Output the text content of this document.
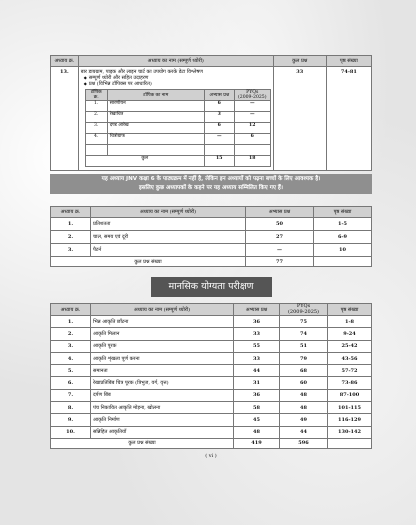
अध्याय क्र.	अध्याय का नाम (सम्पूर्ण थ्योरी)	कुल प्रश्न	पृष्ठ संख्या
13.	बार डायग्राम, पाइक और लाइन चार्ट का उपयोग करके डेटा विश्लेषण
◆ सम्पूर्ण थ्योरी और सहित उदाहरण
◆ प्रश्न (विभिन्न टॉपिक्स पर आधारित)
टॉपिक क्र.	टॉपिक का नाम	अभ्यास प्रश्न	PYQs
(2009-2025)
1.	सारणीयन	6	—
2.	रेखाचित्र	3	—
3.	दण्ड आरेख	6	12
4.	चित्रोग्राफ	—	6

कुल	15	18
	33	74-81
यह अध्याय JNV कक्षा 6 के पाठ्यक्रम में नहीं है, लेकिन इन अध्यायों को पढ़ना बच्चों के लिए आवश्यक है।
इसलिए कुछ अध्यापकों के कहने पर यह अध्याय सम्मिलित किए गए हैं।
अध्याय क्र.	अध्याय का नाम (सम्पूर्ण थ्योरी)	अभ्यास प्रश्न	पृष्ठ संख्या
1.	प्रतिशतता	50	1-5
2.	चाल, समय एवं दूरी	27	6-9
3.	पैटर्न	—	10
कुल प्रश्न संख्या		77	
मानसिक योग्यता परीक्षण
अध्याय क्र.	अध्याय का नाम (सम्पूर्ण थ्योरी)	अभ्यास प्रश्न	PYQs
(2009-2025)	पृष्ठ संख्या
1.	भिन्न आकृति छाँटना	36	75	1-8
2.	आकृति मिलान	33	74	9-24
3.	आकृति पूरक	55	51	25-42
4.	आकृति शृंखला पूर्ण करना	33	79	43-56
5.	समानता	44	68	57-72
6.	रेखाप्रतिबिंब चित्र पूरक (त्रिभुज, वर्ग, वृत्त)	31	60	73-86
7.	दर्पण बिंब	36	48	87-100
8.	पंच निकायित आकृति मोड़ना, खोलना	58	48	101-115
9.	आकृति निर्माण	45	49	116-129
10.	सन्निहित आकृतियाँ	48	44	130-142
कुल प्रश्न संख्या		419	596	
( vi )
